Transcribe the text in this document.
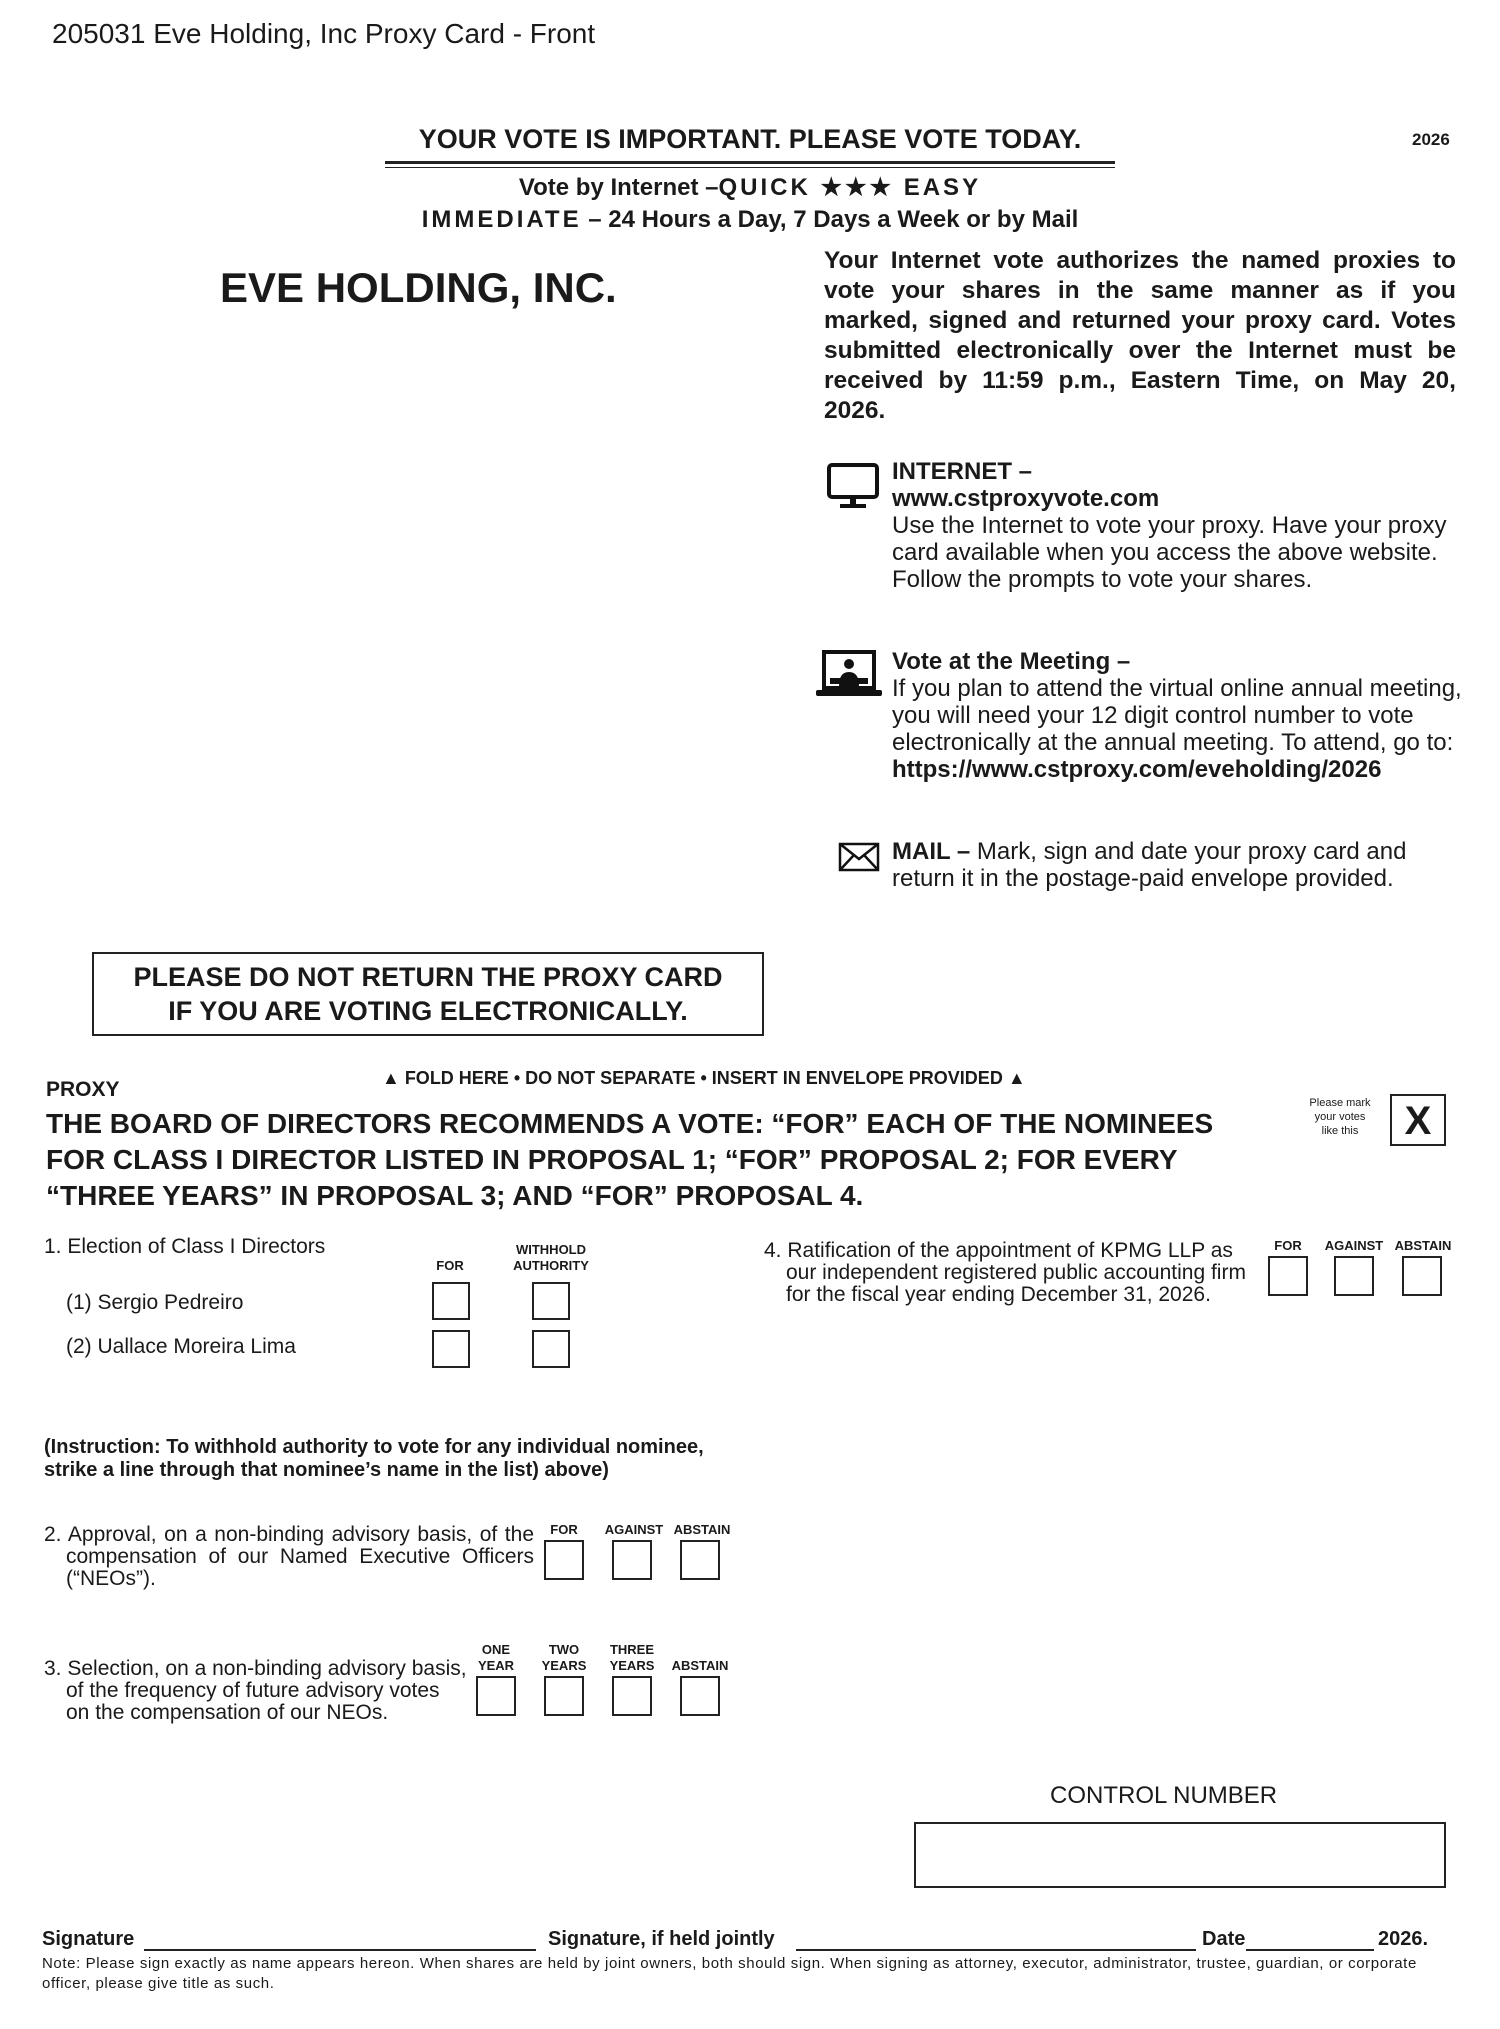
205031 Eve Holding, Inc Proxy Card - Front
2026
YOUR VOTE IS IMPORTANT. PLEASE VOTE TODAY.
Vote by Internet –QUICK ★★★ EASY
IMMEDIATE – 24 Hours a Day, 7 Days a Week or by Mail
EVE HOLDING, INC.
Your Internet vote authorizes the named proxies to vote your shares in the same manner as if you marked, signed and returned your proxy card. Votes submitted electronically over the Internet must be received by 11:59 p.m., Eastern Time, on May 20, 2026.
INTERNET –
www.cstproxyvote.com
Use the Internet to vote your proxy. Have your proxy card available when you access the above website. Follow the prompts to vote your shares.
Vote at the Meeting –
If you plan to attend the virtual online annual meeting, you will need your 12 digit control number to vote electronically at the annual meeting. To attend, go to:
https://www.cstproxy.com/eveholding/2026
MAIL – Mark, sign and date your proxy card and return it in the postage-paid envelope provided.
PLEASE DO NOT RETURN THE PROXY CARD
IF YOU ARE VOTING ELECTRONICALLY.
▲ FOLD HERE • DO NOT SEPARATE • INSERT IN ENVELOPE PROVIDED ▲
PROXY
THE BOARD OF DIRECTORS RECOMMENDS A VOTE: “FOR” EACH OF THE NOMINEES
FOR CLASS I DIRECTOR LISTED IN PROPOSAL 1; “FOR” PROPOSAL 2; FOR EVERY
“THREE YEARS” IN PROPOSAL 3; AND “FOR” PROPOSAL 4.
Please mark
your votes
like this	X
1. Election of Class I Directors
FOR
WITHHOLD
AUTHORITY
(1) Sergio Pedreiro
(2) Uallace Moreira Lima
(Instruction: To withhold authority to vote for any individual nominee,
strike a line through that nominee’s name in the list) above)
2. Approval, on a non-binding advisory basis, of the
compensation of our Named Executive Officers
(“NEOs”).
FOR	AGAINST ABSTAIN
3. Selection, on a non-binding advisory basis,
of the frequency of future advisory votes
on the compensation of our NEOs.
ONE
YEAR
TWO
YEARS
THREE
YEARS	ABSTAIN
4. Ratification of the appointment of KPMG LLP as
our independent registered public accounting firm
for the fiscal year ending December 31, 2026.
FOR	AGAINST ABSTAIN
CONTROL NUMBER
Signature	Signature, if held jointly	Date	2026.
Note: Please sign exactly as name appears hereon. When shares are held by joint owners, both should sign. When signing as attorney, executor, administrator, trustee, guardian, or corporate officer, please give title as such.
